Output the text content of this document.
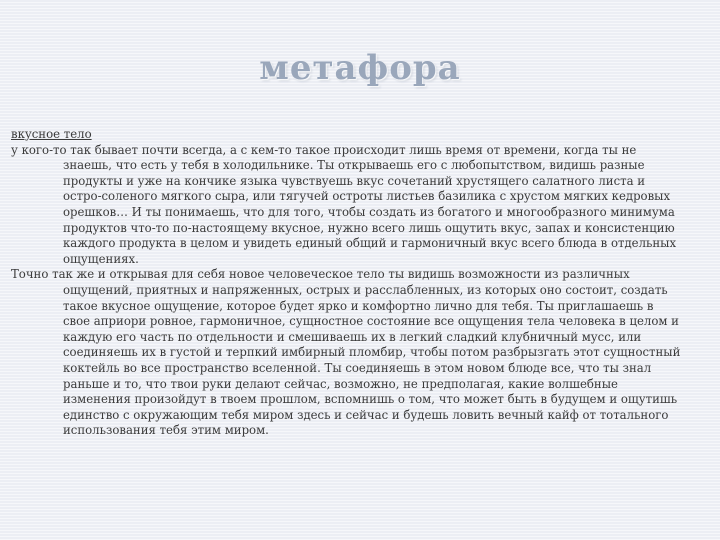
метафора

вкусное тело

у кого-то так бывает почти всегда, а с кем-то такое происходит лишь время от времени, когда ты не знаешь, что есть у тебя в холодильнике. Ты открываешь его с любопытством, видишь разные продукты и уже на кончике языка чувствуешь вкус сочетаний хрустящего салатного листа и остро-соленого мягкого сыра, или тягучей остроты листьев базилика с хрустом мягких кедровых орешков… И ты понимаешь, что для того, чтобы создать из богатого и многообразного минимума продуктов что-то по-настоящему вкусное, нужно всего лишь ощутить вкус, запах и консистенцию каждого продукта в целом и увидеть единый общий и гармоничный вкус всего блюда в отдельных ощущениях.

Точно так же и открывая для себя новое человеческое тело ты видишь возможности из различных ощущений, приятных и напряженных, острых и расслабленных, из которых оно состоит, создать такое вкусное ощущение, которое будет ярко и комфортно лично для тебя. Ты приглашаешь в свое априори ровное, гармоничное, сущностное состояние все ощущения тела человека в целом и каждую его часть по отдельности и смешиваешь их в легкий сладкий клубничный мусс, или соединяешь их в густой и терпкий имбирный пломбир, чтобы потом разбрызгать этот сущностный коктейль во все пространство вселенной. Ты соединяешь в этом новом блюде все, что ты знал раньше и то, что твои руки делают сейчас, возможно, не предполагая, какие волшебные изменения произойдут в твоем прошлом, вспомнишь о том, что может быть в будущем и ощутишь единство с окружающим тебя миром здесь и сейчас и будешь ловить вечный кайф от тотального использования тебя этим миром.
